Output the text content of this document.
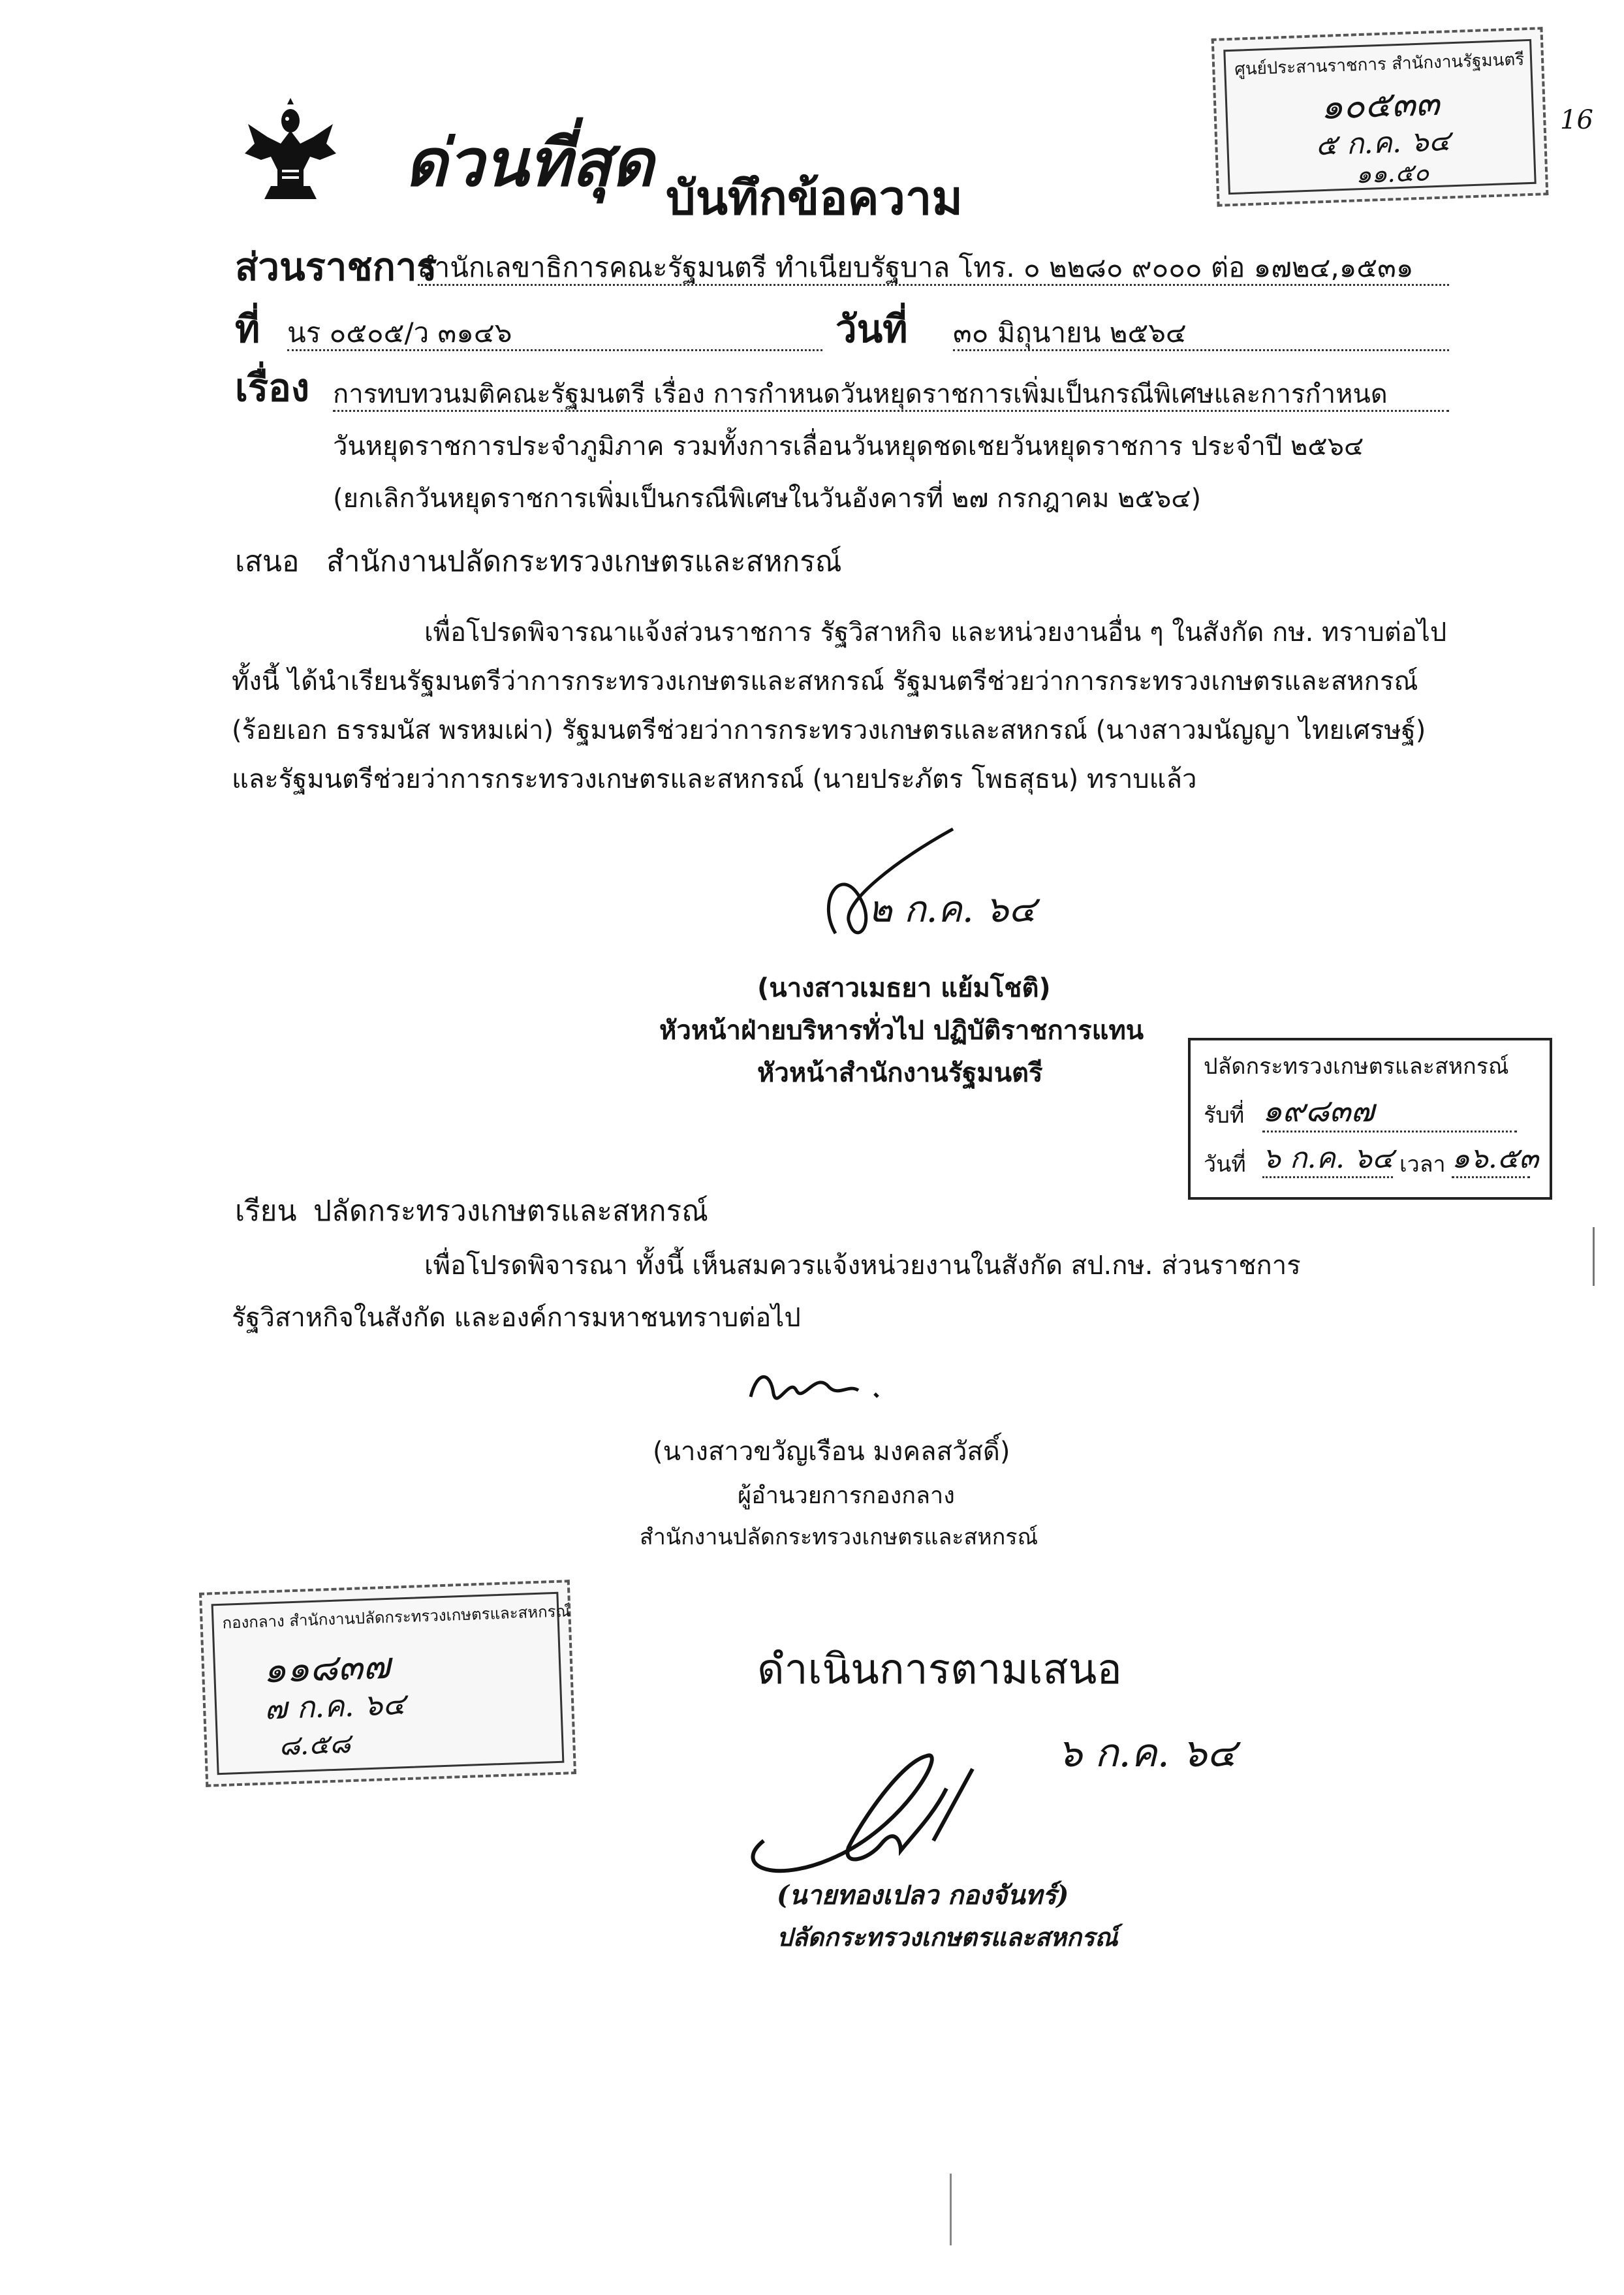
ด่วนที่สุด บันทึกข้อความ
ศูนย์ประสานราชการ สำนักงานรัฐมนตรี
๑๐๕๓๓
๕ ก.ค. ๖๔
๑๑.๕๐
16
ส่วนราชการ
สำนักเลขาธิการคณะรัฐมนตรี ทำเนียบรัฐบาล โทร. ๐ ๒๒๘๐ ๙๐๐๐ ต่อ ๑๗๒๔,๑๕๓๑
ที่ นร ๐๕๐๕/ว ๓๑๔๖	วันที่ ๓๐ มิถุนายน ๒๕๖๔
เรื่อง การทบทวนมติคณะรัฐมนตรี เรื่อง การกำหนดวันหยุดราชการเพิ่มเป็นกรณีพิเศษและการกำหนด
วันหยุดราชการประจำภูมิภาค รวมทั้งการเลื่อนวันหยุดชดเชยวันหยุดราชการ ประจำปี ๒๕๖๔
(ยกเลิกวันหยุดราชการเพิ่มเป็นกรณีพิเศษในวันอังคารที่ ๒๗ กรกฎาคม ๒๕๖๔)
เสนอ สำนักงานปลัดกระทรวงเกษตรและสหกรณ์
เพื่อโปรดพิจารณาแจ้งส่วนราชการ รัฐวิสาหกิจ และหน่วยงานอื่น ๆ ในสังกัด กษ. ทราบต่อไป
ทั้งนี้ ได้นำเรียนรัฐมนตรีว่าการกระทรวงเกษตรและสหกรณ์ รัฐมนตรีช่วยว่าการกระทรวงเกษตรและสหกรณ์
(ร้อยเอก ธรรมนัส พรหมเผ่า) รัฐมนตรีช่วยว่าการกระทรวงเกษตรและสหกรณ์ (นางสาวมนัญญา ไทยเศรษฐ์)
และรัฐมนตรีช่วยว่าการกระทรวงเกษตรและสหกรณ์ (นายประภัตร โพธสุธน) ทราบแล้ว
๒ ก.ค. ๖๔
(นางสาวเมธยา แย้มโชติ)
หัวหน้าฝ่ายบริหารทั่วไป ปฏิบัติราชการแทน
หัวหน้าสำนักงานรัฐมนตรี	ปลัดกระทรวงเกษตรและสหกรณ์
รับที่ ๑๙๘๓๗
วันที่ ๖ ก.ค. ๖๔ เวลา ๑๖.๕๓
เรียน ปลัดกระทรวงเกษตรและสหกรณ์
เพื่อโปรดพิจารณา ทั้งนี้ เห็นสมควรแจ้งหน่วยงานในสังกัด สป.กษ. ส่วนราชการ
รัฐวิสาหกิจในสังกัด และองค์การมหาชนทราบต่อไป
(นางสาวขวัญเรือน มงคลสวัสดิ์)
ผู้อำนวยการกองกลาง
สำนักงานปลัดกระทรวงเกษตรและสหกรณ์
กองกลาง สำนักงานปลัดกระทรวงเกษตรและสหกรณ์
๑๑๘๓๗
๗ ก.ค. ๖๔
๘.๕๘
ดำเนินการตามเสนอ
๖ ก.ค. ๖๔
(นายทองเปลว กองจันทร์)
ปลัดกระทรวงเกษตรและสหกรณ์
